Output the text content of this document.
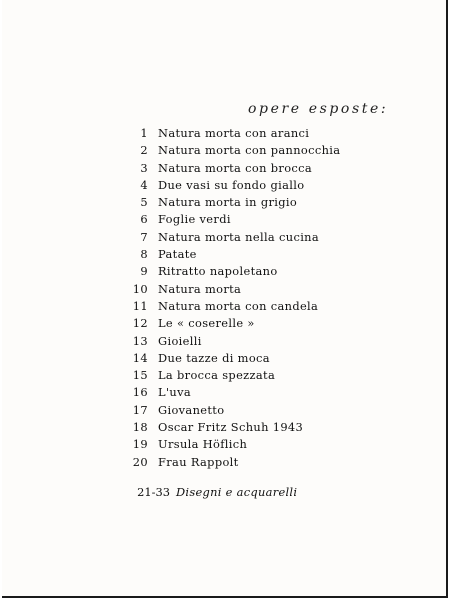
opere esposte:
1 Natura morta con aranci
2 Natura morta con pannocchia
3 Natura morta con brocca
4 Due vasi su fondo giallo
5 Natura morta in grigio
6 Foglie verdi
7 Natura morta nella cucina
8 Patate
9 Ritratto napoletano
10 Natura morta
11 Natura morta con candela
12 Le « coserelle »
13 Gioielli
14 Due tazze di moca
15 La brocca spezzata
16 L'uva
17 Giovanetto
18 Oscar Fritz Schuh 1943
19 Ursula Höflich
20 Frau Rappolt
21-33 Disegni e acquarelli
